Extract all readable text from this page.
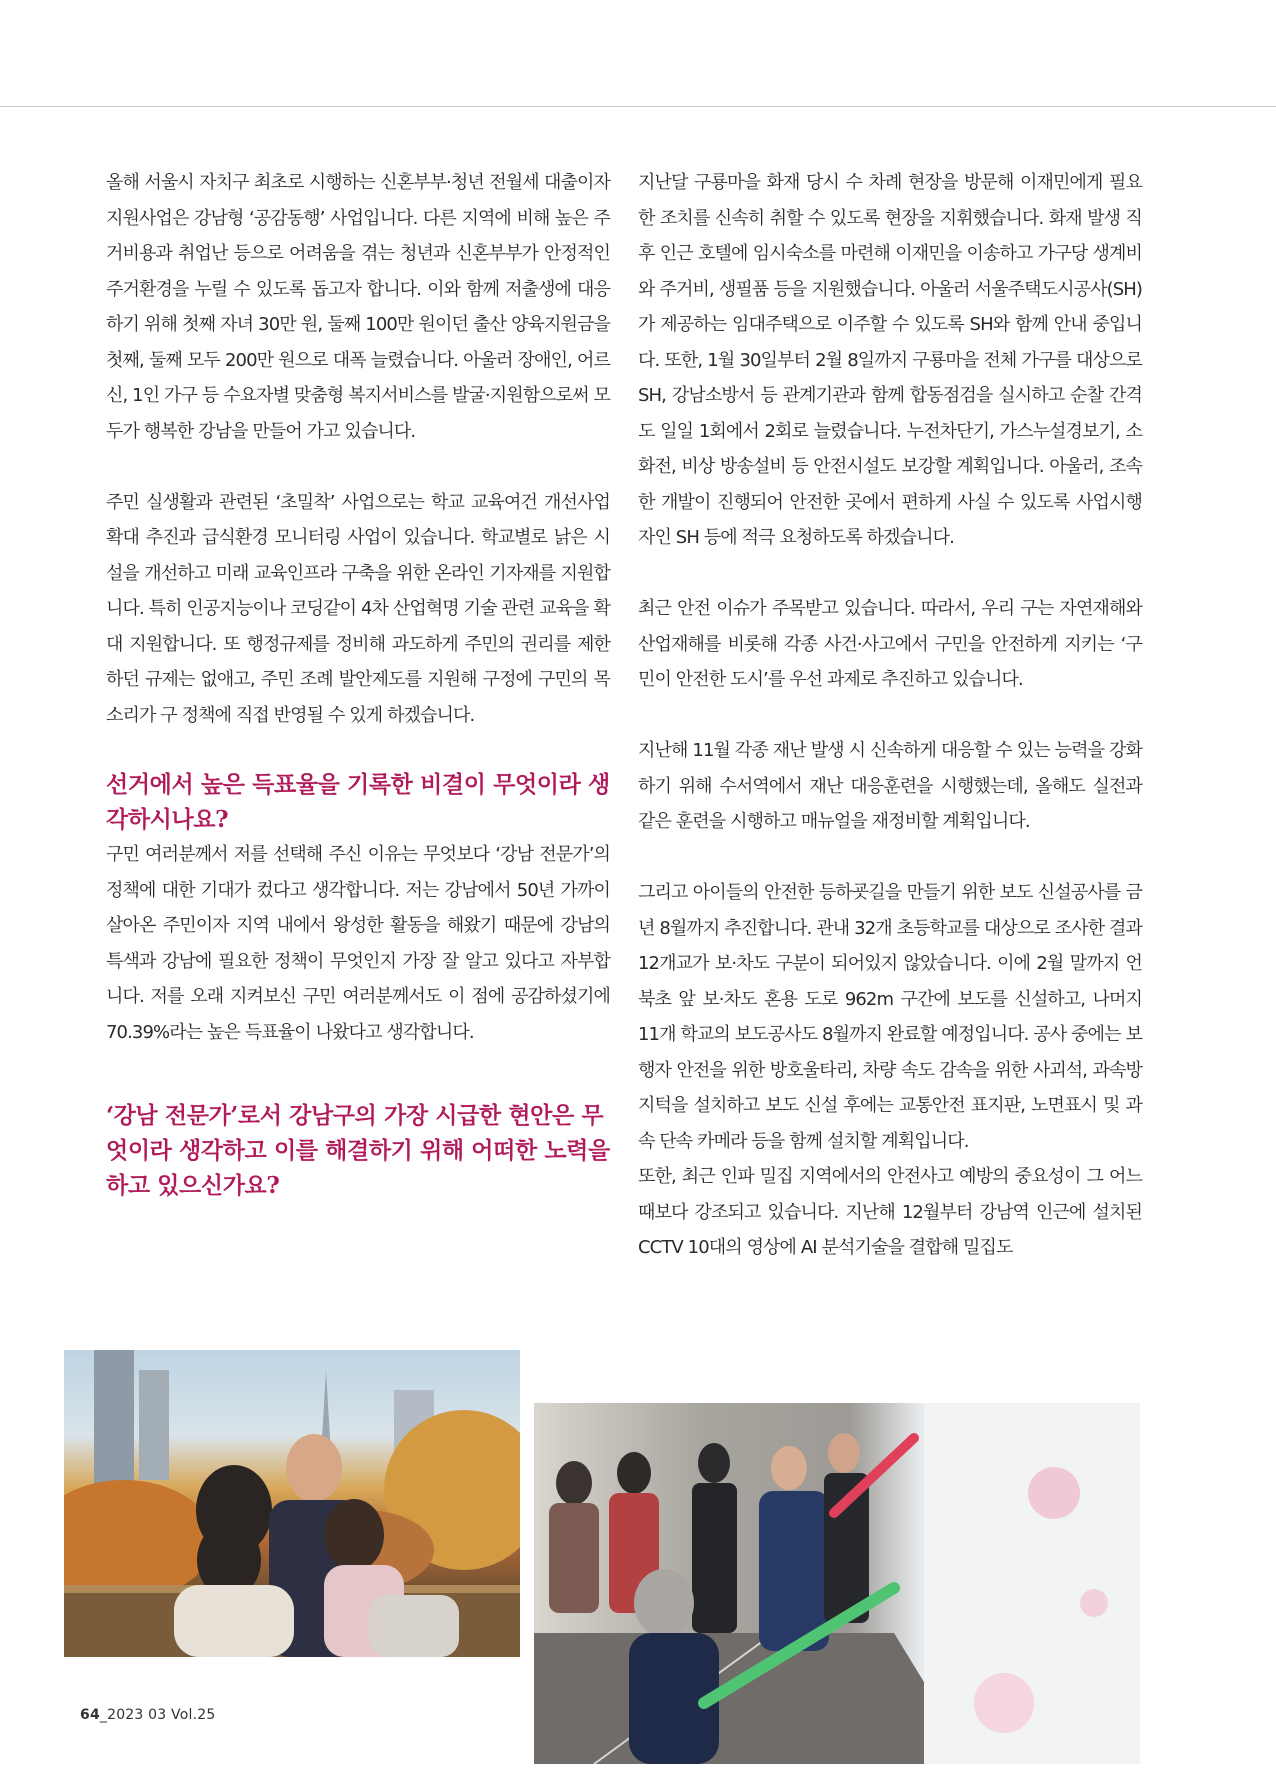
올해 서울시 자치구 최초로 시행하는 신혼부부·청년 전월세 대출이자 지원사업은 강남형 ‘공감동행’ 사업입니다. 다른 지역에 비해 높은 주거비용과 취업난 등으로 어려움을 겪는 청년과 신혼부부가 안정적인 주거환경을 누릴 수 있도록 돕고자 합니다. 이와 함께 저출생에 대응하기 위해 첫째 자녀 30만 원, 둘째 100만 원이던 출산 양육지원금을 첫째, 둘째 모두 200만 원으로 대폭 늘렸습니다. 아울러 장애인, 어르신, 1인 가구 등 수요자별 맞춤형 복지서비스를 발굴·지원함으로써 모두가 행복한 강남을 만들어 가고 있습니다.

주민 실생활과 관련된 ‘초밀착’ 사업으로는 학교 교육여건 개선사업 확대 추진과 급식환경 모니터링 사업이 있습니다. 학교별로 낡은 시설을 개선하고 미래 교육인프라 구축을 위한 온라인 기자재를 지원합니다. 특히 인공지능이나 코딩같이 4차 산업혁명 기술 관련 교육을 확대 지원합니다. 또 행정규제를 정비해 과도하게 주민의 권리를 제한하던 규제는 없애고, 주민 조례 발안제도를 지원해 구정에 구민의 목소리가 구 정책에 직접 반영될 수 있게 하겠습니다.

선거에서 높은 득표율을 기록한 비결이 무엇이라 생각하시나요?

구민 여러분께서 저를 선택해 주신 이유는 무엇보다 ‘강남 전문가’의 정책에 대한 기대가 컸다고 생각합니다. 저는 강남에서 50년 가까이 살아온 주민이자 지역 내에서 왕성한 활동을 해왔기 때문에 강남의 특색과 강남에 필요한 정책이 무엇인지 가장 잘 알고 있다고 자부합니다. 저를 오래 지켜보신 구민 여러분께서도 이 점에 공감하셨기에 70.39%라는 높은 득표율이 나왔다고 생각합니다.

‘강남 전문가’로서 강남구의 가장 시급한 현안은 무엇이라 생각하고 이를 해결하기 위해 어떠한 노력을 하고 있으신가요?

지난달 구룡마을 화재 당시 수 차례 현장을 방문해 이재민에게 필요한 조치를 신속히 취할 수 있도록 현장을 지휘했습니다. 화재 발생 직후 인근 호텔에 임시숙소를 마련해 이재민을 이송하고 가구당 생계비와 주거비, 생필품 등을 지원했습니다. 아울러 서울주택도시공사(SH)가 제공하는 임대주택으로 이주할 수 있도록 SH와 함께 안내 중입니다. 또한, 1월 30일부터 2월 8일까지 구룡마을 전체 가구를 대상으로 SH, 강남소방서 등 관계기관과 함께 합동점검을 실시하고 순찰 간격도 일일 1회에서 2회로 늘렸습니다. 누전차단기, 가스누설경보기, 소화전, 비상 방송설비 등 안전시설도 보강할 계획입니다. 아울러, 조속한 개발이 진행되어 안전한 곳에서 편하게 사실 수 있도록 사업시행자인 SH 등에 적극 요청하도록 하겠습니다.

최근 안전 이슈가 주목받고 있습니다. 따라서, 우리 구는 자연재해와 산업재해를 비롯해 각종 사건·사고에서 구민을 안전하게 지키는 ‘구민이 안전한 도시’를 우선 과제로 추진하고 있습니다.

지난해 11월 각종 재난 발생 시 신속하게 대응할 수 있는 능력을 강화하기 위해 수서역에서 재난 대응훈련을 시행했는데, 올해도 실전과 같은 훈련을 시행하고 매뉴얼을 재정비할 계획입니다.

그리고 아이들의 안전한 등하굣길을 만들기 위한 보도 신설공사를 금년 8월까지 추진합니다. 관내 32개 초등학교를 대상으로 조사한 결과 12개교가 보·차도 구분이 되어있지 않았습니다. 이에 2월 말까지 언북초 앞 보·차도 혼용 도로 962m 구간에 보도를 신설하고, 나머지 11개 학교의 보도공사도 8월까지 완료할 예정입니다. 공사 중에는 보행자 안전을 위한 방호울타리, 차량 속도 감속을 위한 사괴석, 과속방지턱을 설치하고 보도 신설 후에는 교통안전 표지판, 노면표시 및 과속 단속 카메라 등을 함께 설치할 계획입니다.

또한, 최근 인파 밀집 지역에서의 안전사고 예방의 중요성이 그 어느 때보다 강조되고 있습니다. 지난해 12월부터 강남역 인근에 설치된 CCTV 10대의 영상에 AI 분석기술을 결합해 밀집도

64_2023 03 Vol.25
